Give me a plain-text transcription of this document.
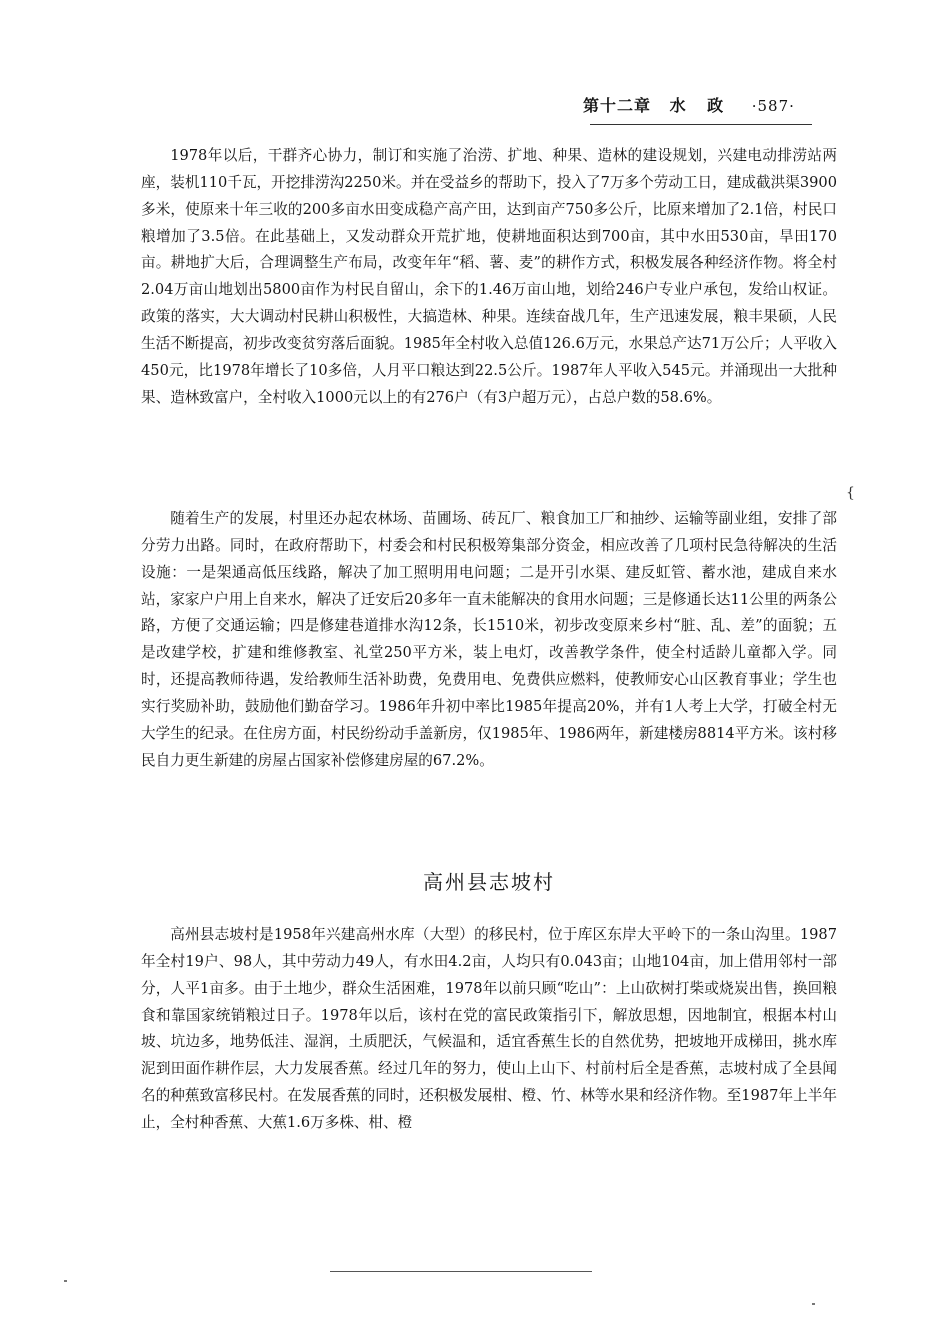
第十二章 水 政 ·587·

1978年以后，干群齐心协力，制订和实施了治涝、扩地、种果、造林的建设规划，兴建电动排涝站两座，装机110千瓦，开挖排涝沟2250米。并在受益乡的帮助下，投入了7万多个劳动工日，建成截洪渠3900多米，使原来十年三收的200多亩水田变成稳产高产田，达到亩产750多公斤，比原来增加了2.1倍，村民口粮增加了3.5倍。在此基础上，又发动群众开荒扩地，使耕地面积达到700亩，其中水田530亩，旱田170亩。耕地扩大后，合理调整生产布局，改变年年“稻、薯、麦”的耕作方式，积极发展各种经济作物。将全村2.04万亩山地划出5800亩作为村民自留山，余下的1.46万亩山地，划给246户专业户承包，发给山权证。政策的落实，大大调动村民耕山积极性，大搞造林、种果。连续奋战几年，生产迅速发展，粮丰果硕，人民生活不断提高，初步改变贫穷落后面貌。1985年全村收入总值126.6万元，水果总产达71万公斤；人平收入450元，比1978年增长了10多倍，人月平口粮达到22.5公斤。1987年人平收入545元。并涌现出一大批种果、造林致富户，全村收入1000元以上的有276户（有3户超万元），占总户数的58.6%。

{

随着生产的发展，村里还办起农林场、苗圃场、砖瓦厂、粮食加工厂和抽纱、运输等副业组，安排了部分劳力出路。同时，在政府帮助下，村委会和村民积极筹集部分资金，相应改善了几项村民急待解决的生活设施：一是架通高低压线路，解决了加工照明用电问题；二是开引水渠、建反虹管、蓄水池，建成自来水站，家家户户用上自来水，解决了迁安后20多年一直未能解决的食用水问题；三是修通长达11公里的两条公路，方便了交通运输；四是修建巷道排水沟12条，长1510米，初步改变原来乡村“脏、乱、差”的面貌；五是改建学校，扩建和维修教室、礼堂250平方米，装上电灯，改善教学条件，使全村适龄儿童都入学。同时，还提高教师待遇，发给教师生活补助费，免费用电、免费供应燃料，使教师安心山区教育事业；学生也实行奖励补助，鼓励他们勤奋学习。1986年升初中率比1985年提高20%，并有1人考上大学，打破全村无大学生的纪录。在住房方面，村民纷纷动手盖新房，仅1985年、1986两年，新建楼房8814平方米。该村移民自力更生新建的房屋占国家补偿修建房屋的67.2%。

高州县志坡村

高州县志坡村是1958年兴建高州水库（大型）的移民村，位于库区东岸大平岭下的一条山沟里。1987年全村19户、98人，其中劳动力49人，有水田4.2亩，人均只有0.043亩；山地104亩，加上借用邻村一部分，人平1亩多。由于土地少，群众生活困难，1978年以前只顾“吃山”：上山砍树打柴或烧炭出售，换回粮食和靠国家统销粮过日子。1978年以后，该村在党的富民政策指引下，解放思想，因地制宜，根据本村山坡、坑边多，地势低洼、湿润，土质肥沃，气候温和，适宜香蕉生长的自然优势，把坡地开成梯田，挑水库泥到田面作耕作层，大力发展香蕉。经过几年的努力，使山上山下、村前村后全是香蕉，志坡村成了全县闻名的种蕉致富移民村。在发展香蕉的同时，还积极发展柑、橙、竹、林等水果和经济作物。至1987年上半年止，全村种香蕉、大蕉1.6万多株、柑、橙
